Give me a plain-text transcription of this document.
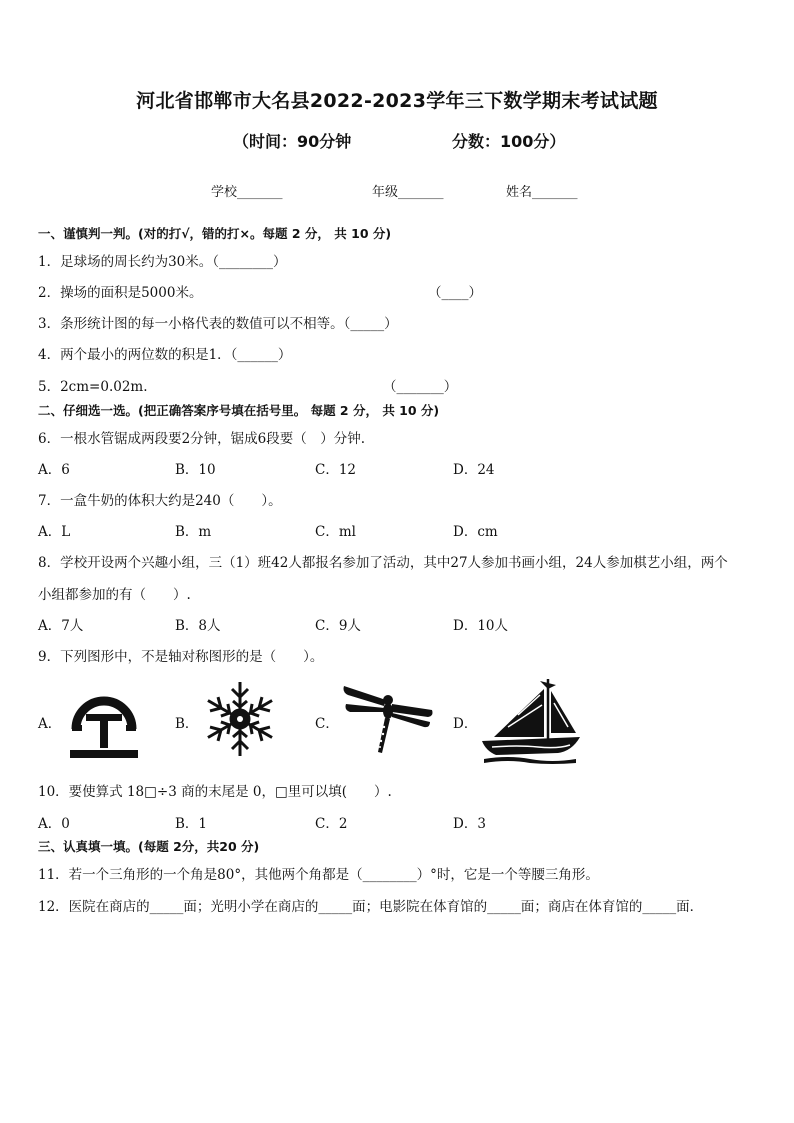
河北省邯郸市大名县2022-2023学年三下数学期末考试试题
（时间：90分钟	分数：100分）
学校_______	年级_______	姓名_______
一、谨慎判一判。(对的打√，错的打×。每题 2 分， 共 10 分)
1．足球场的周长约为30米。（________）
2．操场的面积是5000米。	（____）
3．条形统计图的每一小格代表的数值可以不相等。（_____）
4．两个最小的两位数的积是1．（______）
5．2cm=0.02m.	（_______）
二、仔细选一选。(把正确答案序号填在括号里。 每题 2 分， 共 10 分)
6．一根水管锯成两段要2分钟，锯成6段要（　）分钟.
A．6	B．10	C．12	D．24
7．一盒牛奶的体积大约是240（　　）。
A．L	B．m	C．ml	D．cm
8．学校开设两个兴趣小组，三（1）班42人都报名参加了活动，其中27人参加书画小组，24人参加棋艺小组，两个
小组都参加的有（　　）.
A．7人	B．8人	C．9人	D．10人
9．下列图形中，不是轴对称图形的是（　　）。
A．	B．	C．	D．
10．要使算式 18□÷3 商的末尾是 0，□里可以填(　　）.
A．0	B．1	C．2	D．3
三、认真填一填。(每题 2分，共20 分)
11．若一个三角形的一个角是80°，其他两个角都是（________）°时，它是一个等腰三角形。
12．医院在商店的_____面；光明小学在商店的_____面；电影院在体育馆的_____面；商店在体育馆的_____面．
